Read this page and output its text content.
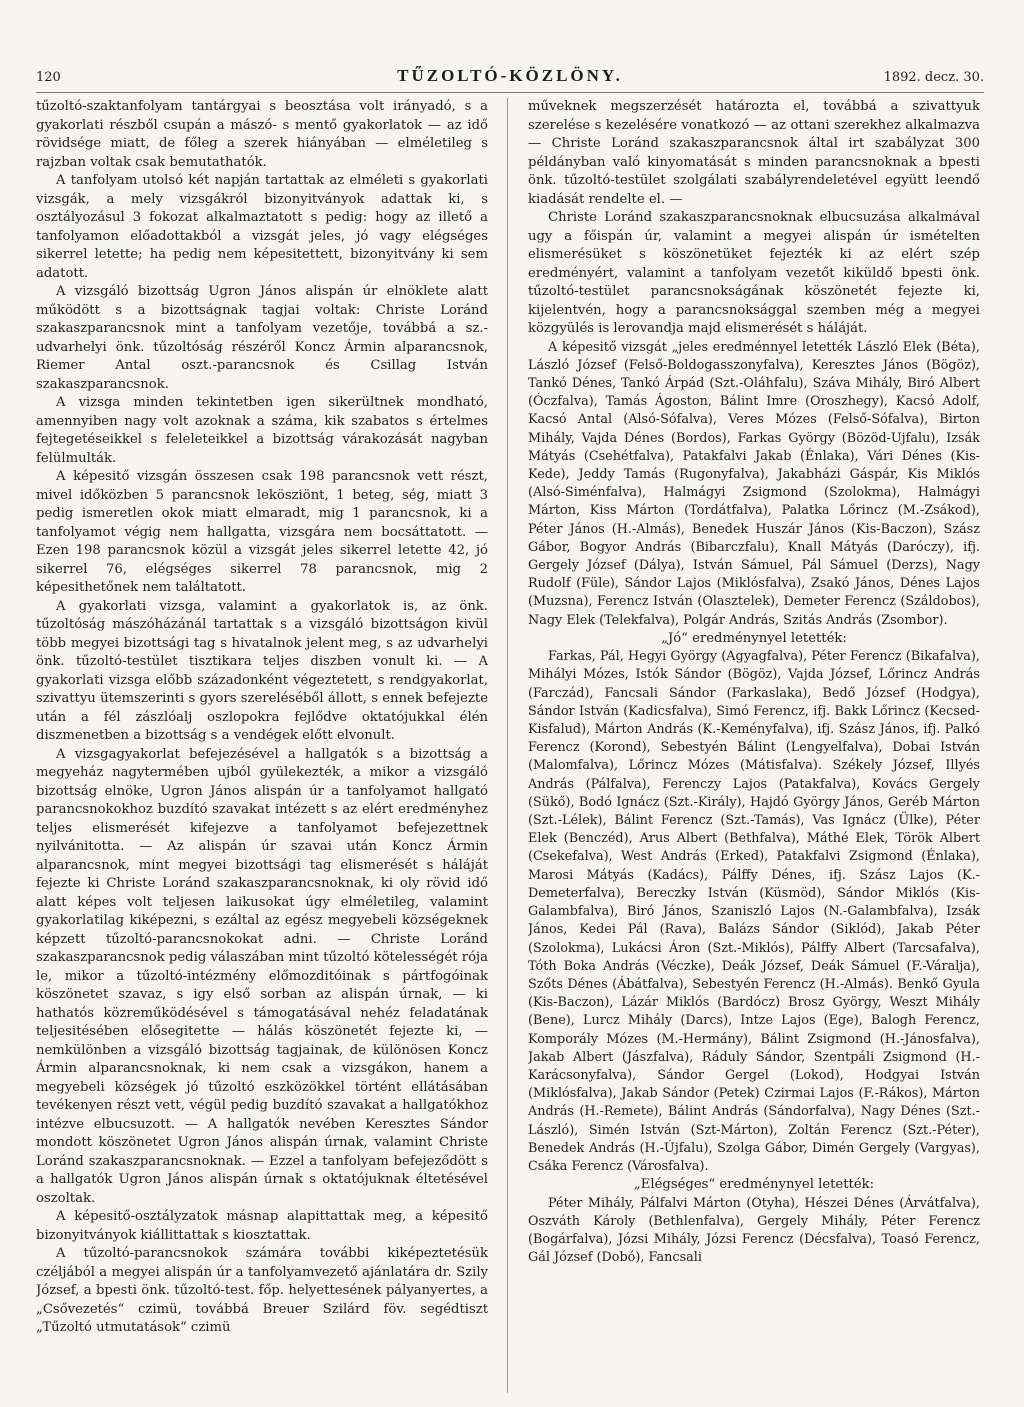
120	TŰZOLTÓ-KÖZLÖNY.	1892. decz. 30.

tűzoltó-szaktanfolyam tantárgyai s beosztása volt irányadó, s a gyakorlati részből csupán a mászó- s mentő gyakorlatok — az idő rövidsége miatt, de főleg a szerek hiányában — elméletileg s rajzban voltak csak bemutathatók.

A tanfolyam utolsó két napján tartattak az elméleti s gyakorlati vizsgák, a mely vizsgákról bizonyitványok adattak ki, s osztályozásul 3 fokozat alkalmaztatott s pedig: hogy az illető a tanfolyamon előadottakból a vizsgát jeles, jó vagy elégséges sikerrel letette; ha pedig nem képesitettett, bizonyitvány ki sem adatott.

A vizsgáló bizottság Ugron János alispán úr elnöklete alatt működött s a bizottságnak tagjai voltak: Christe Loránd szakaszparancsnok mint a tanfolyam vezetője, továbbá a sz.-udvarhelyi önk. tűzoltóság részéről Koncz Ármin alparancsnok, Riemer Antal oszt.-parancsnok és Csillag István szakaszparancsnok.

A vizsga minden tekintetben igen sikerültnek mondható, amennyiben nagy volt azoknak a száma, kik szabatos s értelmes fejtegetéseikkel s feleleteikkel a bizottság várakozását nagyban felülmulták.

A képesitő vizsgán összesen csak 198 parancsnok vett részt, mivel időközben 5 parancsnok lekösziönt, 1 beteg, ség, miatt 3 pedig ismeretlen okok miatt elmaradt, mig 1 parancsnok, ki a tanfolyamot végig nem hallgatta, vizsgára nem bocsáttatott. — Ezen 198 parancsnok közül a vizsgát jeles sikerrel letette 42, jó sikerrel 76, elégséges sikerrel 78 parancsnok, mig 2 képesithetőnek nem találtatott.

A gyakorlati vizsga, valamint a gyakorlatok is, az önk. tűzoltóság mászóházánál tartattak s a vizsgáló bizottságon kivül több megyei bizottsági tag s hivatalnok jelent meg, s az udvarhelyi önk. tűzoltó-testület tisztikara teljes diszben vonult ki. — A gyakorlati vizsga előbb századonként végeztetett, s rendgyakorlat, szivattyu ütemszerinti s gyors szereléséből állott, s ennek befejezte után a fél zászlóalj oszlopokra fejlődve oktatójukkal élén diszmenetben a bizottság s a vendégek előtt elvonult.

A vizsgagyakorlat befejezésével a hallgatók s a bizottság a megyeház nagytermében ujból gyülekezték, a mikor a vizsgáló bizottság elnöke, Ugron János alispán úr a tanfolyamot hallgató parancsnokokhoz buzdító szavakat intézett s az elért eredményhez teljes elismerését kifejezve a tanfolyamot befejezettnek nyilvánitotta. — Az alispán úr szavai után Koncz Ármin alparancsnok, mint megyei bizottsági tag elismerését s háláját fejezte ki Christe Loránd szakaszparancsnoknak, ki oly rövid idő alatt képes volt teljesen laikusokat úgy elméletileg, valamint gyakorlatilag kiképezni, s ezáltal az egész megyebeli községeknek képzett tűzoltó-parancsnokokat adni. — Christe Loránd szakaszparancsnok pedig válaszában mint tűzoltó kötelességét rója le, mikor a tűzoltó-intézmény előmozditóinak s pártfogóinak köszönetet szavaz, s igy első sorban az alispán úrnak, — ki hathatós közreműködésével s támogatásával nehéz feladatának teljesitésében elősegitette — hálás köszönetét fejezte ki, — nemkülönben a vizsgáló bizottság tagjainak, de különösen Koncz Ármin alparancsnoknak, ki nem csak a vizsgákon, hanem a megyebeli községek jó tűzoltó eszközökkel történt ellátásában tevékenyen részt vett, végül pedig buzdító szavakat a hallgatókhoz intézve elbucsuzott. — A hallgatók nevében Keresztes Sándor mondott köszönetet Ugron János alispán úrnak, valamint Christe Loránd szakaszparancsnoknak. — Ezzel a tanfolyam befejeződött s a hallgatók Ugron János alispán úrnak s oktatójuknak éltetésével oszoltak.

A képesitő-osztályzatok másnap alapittattak meg, a képesitő bizonyitványok kiállittattak s kiosztattak.

A tűzoltó-parancsnokok számára további kiképeztetésük czéljából a megyei alispán úr a tanfolyamvezető ajánlatára dr. Szily József, a bpesti önk. tűzoltó-test. főp. helyettesének pályanyertes, a „Csővezetés“ czimü, továbbá Breuer Szilárd föv. segédtiszt „Tűzoltó utmutatások“ czimü

műveknek megszerzését határozta el, továbbá a szivattyuk szerelése s kezelésére vonatkozó — az ottani szerekhez alkalmazva — Christe Loránd szakaszparancsnok által irt szabályzat 300 példányban való kinyomatását s minden parancsnoknak a bpesti önk. tűzoltó-testület szolgálati szabályrendeletével együtt leendő kiadását rendelte el. —

Christe Loránd szakaszparancsnoknak elbucsuzása alkalmával ugy a főispán úr, valamint a megyei alispán úr ismételten elismerésüket s köszönetüket fejezték ki az elért szép eredményért, valamint a tanfolyam vezetőt kiküldő bpesti önk. tűzoltó-testület parancsnokságának köszönetét fejezte ki, kijelentvén, hogy a parancsnoksággal szemben még a megyei közgyülés is lerovandja majd elismerését s háláját.

A képesitő vizsgát „jeles eredménnyel letették László Elek (Béta), László József (Felső-Boldogasszonyfalva), Keresztes János (Bögöz), Tankó Dénes, Tankó Árpád (Szt.-Oláhfalu), Száva Mihály, Biró Albert (Óczfalva), Tamás Ágoston, Bálint Imre (Oroszhegy), Kacsó Adolf, Kacsó Antal (Alsó-Sófalva), Veres Mózes (Felső-Sófalva), Birton Mihály, Vajda Dénes (Bordos), Farkas György (Bözöd-Ujfalu), Izsák Mátyás (Csehétfalva), Patakfalvi Jakab (Énlaka), Vári Dénes (Kis-Kede), Jeddy Tamás (Rugonyfalva), Jakabházi Gáspár, Kis Miklós (Alsó-Siménfalva), Halmágyi Zsigmond (Szolokma), Halmágyi Márton, Kiss Márton (Tordátfalva), Palatka Lőrincz (M.-Zsákod), Péter János (H.-Almás), Benedek Huszár János (Kis-Baczon), Szász Gábor, Bogyor András (Bibarczfalu), Knall Mátyás (Daróczy), ifj. Gergely József (Dálya), István Sámuel, Pál Sámuel (Derzs), Nagy Rudolf (Füle), Sándor Lajos (Miklósfalva), Zsakó János, Dénes Lajos (Muzsna), Ferencz István (Olasztelek), Demeter Ferencz (Száldobos), Nagy Elek (Telekfalva), Polgár András, Szitás András (Zsombor).

„Jó“ eredménynyel letették:

Farkas, Pál, Hegyi György (Agyagfalva), Péter Ferencz (Bikafalva), Mihályi Mózes, Istók Sándor (Bögöz), Vajda József, Lőrincz András (Farczád), Fancsali Sándor (Farkaslaka), Bedő József (Hodgya), Sándor István (Kadicsfalva), Simó Ferencz, ifj. Bakk Lőrincz (Kecsed-Kisfalud), Márton András (K.-Keményfalva), ifj. Szász János, ifj. Palkó Ferencz (Korond), Sebestyén Bálint (Lengyelfalva), Dobai István (Malomfalva), Lőrincz Mózes (Mátisfalva). Székely József, Illyés András (Pálfalva), Ferenczy Lajos (Patakfalva), Kovács Gergely (Sükő), Bodó Ignácz (Szt.-Király), Hajdó György János, Geréb Márton (Szt.-Lélek), Bálint Ferencz (Szt.-Tamás), Vas Ignácz (Ülke), Péter Elek (Benczéd), Arus Albert (Bethfalva), Máthé Elek, Török Albert (Csekefalva), West András (Erked), Patakfalvi Zsigmond (Énlaka), Marosi Mátyás (Kadács), Pálffy Dénes, ifj. Szász Lajos (K.-Demeterfalva), Bereczky István (Küsmöd), Sándor Miklós (Kis-Galambfalva), Biró János, Szaniszló Lajos (N.-Galambfalva), Izsák János, Kedei Pál (Rava), Balázs Sándor (Siklód), Jakab Péter (Szolokma), Lukácsi Áron (Szt.-Miklós), Pálffy Albert (Tarcsafalva), Tóth Boka András (Véczke), Deák József, Deák Sámuel (F.-Váralja), Szőts Dénes (Ábátfalva), Sebestyén Ferencz (H.-Almás). Benkő Gyula (Kis-Baczon), Lázár Miklós (Bardócz) Brosz György, Weszt Mihály (Bene), Lurcz Mihály (Darcs), Intze Lajos (Ege), Balogh Ferencz, Komporály Mózes (M.-Hermány), Bálint Zsigmond (H.-Jánosfalva), Jakab Albert (Jászfalva), Ráduly Sándor, Szentpáli Zsigmond (H.-Karácsonyfalva), Sándor Gergel (Lokod), Hodgyai István (Miklósfalva), Jakab Sándor (Petek) Czirmai Lajos (F.-Rákos), Márton András (H.-Remete), Bálint András (Sándorfalva), Nagy Dénes (Szt.-László), Simén István (Szt-Márton), Zoltán Ferencz (Szt.-Péter), Benedek András (H.-Újfalu), Szolga Gábor, Dimén Gergely (Vargyas), Csáka Ferencz (Városfalva).

„Elégséges“ eredménynyel letették:

Péter Mihály, Pálfalvi Márton (Otyha), Hészei Dénes (Árvátfalva), Oszváth Károly (Bethlenfalva), Gergely Mihály, Péter Ferencz (Bogárfalva), Józsi Mihály, Józsi Ferencz (Décsfalva), Toasó Ferencz, Gál József (Dobó), Fancsali
